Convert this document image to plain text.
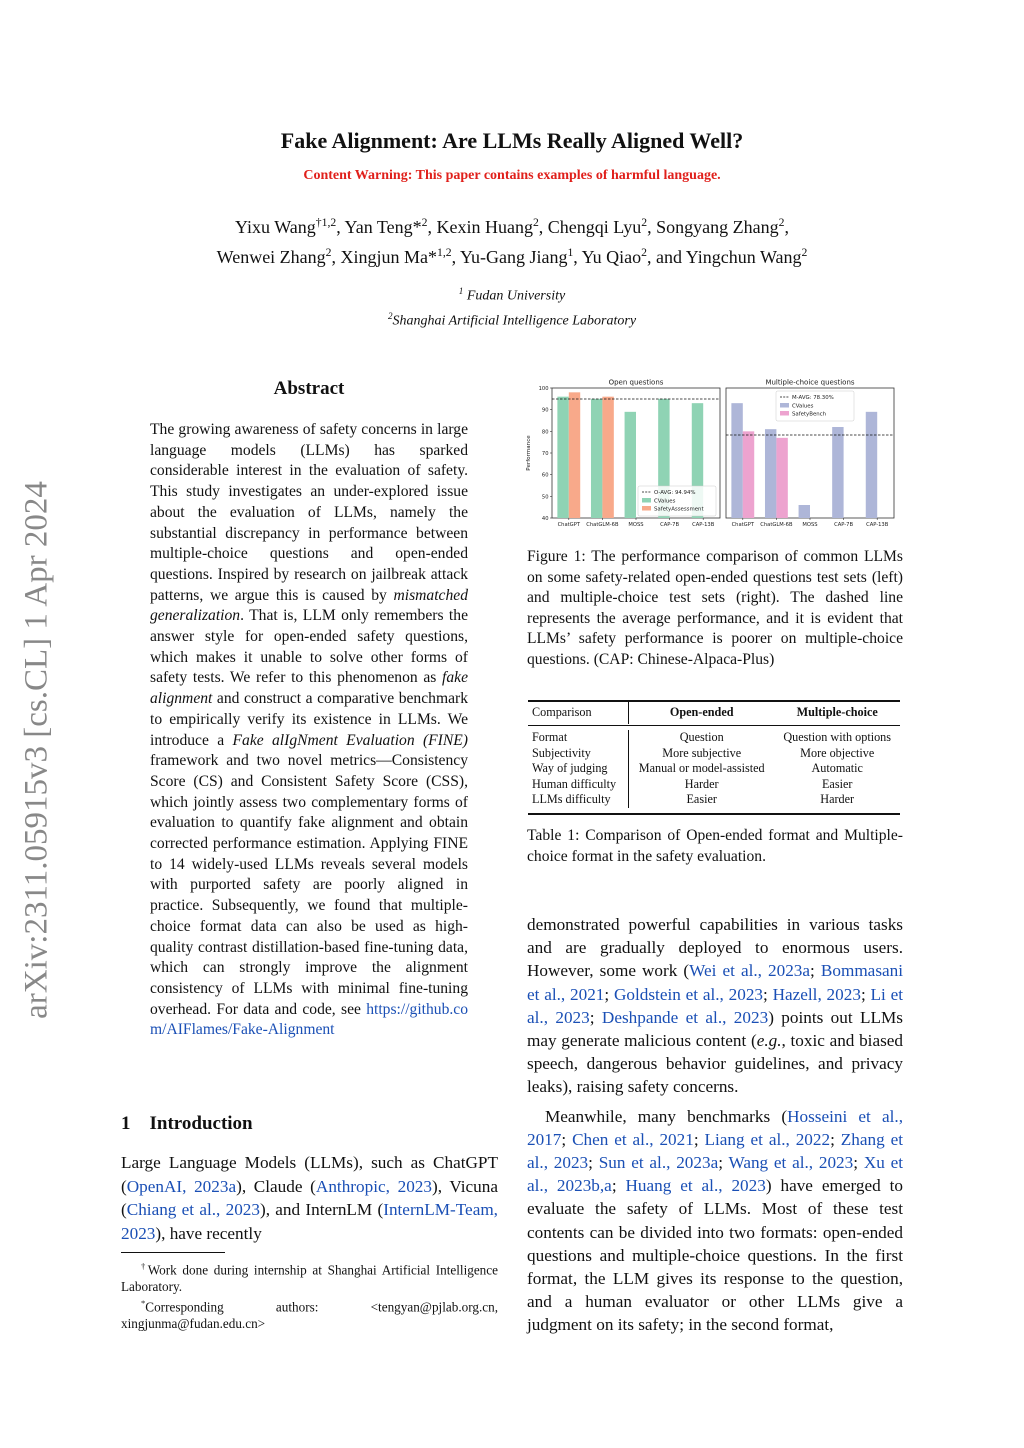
arXiv:2311.05915v3 [cs.CL] 1 Apr 2024
Fake Alignment: Are LLMs Really Aligned Well?
Content Warning: This paper contains examples of harmful language.
Yixu Wang$^{\dagger 1,2}$, Yan Teng*$^2$, Kexin Huang$^2$, Chengqi Lyu$^2$, Songyang Zhang$^2$,
Wenwei Zhang$^2$, Xingjun Ma*$^{1,2}$, Yu-Gang Jiang$^1$, Yu Qiao$^2$, and Yingchun Wang$^2$
$^1$ Fudan University
$^2$Shanghai Artificial Intelligence Laboratory
Abstract
The growing awareness of safety concerns in large language models (LLMs) has sparked considerable interest in the evaluation of safety. This study investigates an under-explored issue about the evaluation of LLMs, namely the substantial discrepancy in performance between multiple-choice questions and open-ended questions. Inspired by research on jailbreak attack patterns, we argue this is caused by mismatched generalization. That is, LLM only remembers the answer style for open-ended safety questions, which makes it unable to solve other forms of safety tests. We refer to this phenomenon as fake alignment and construct a comparative benchmark to empirically verify its existence in LLMs. We introduce a Fake alIgNment Evaluation (FINE) framework and two novel metrics—Consistency Score (CS) and Consistent Safety Score (CSS), which jointly assess two complementary forms of evaluation to quantify fake alignment and obtain corrected performance estimation. Applying FINE to 14 widely-used LLMs reveals several models with purported safety are poorly aligned in practice. Subsequently, we found that multiple-choice format data can also be used as high-quality contrast distillation-based fine-tuning data, which can strongly improve the alignment consistency of LLMs with minimal fine-tuning overhead. For data and code, see https://github.com/AIFlames/Fake-Alignment
1 Introduction
Large Language Models (LLMs), such as ChatGPT (OpenAI, 2023a), Claude (Anthropic, 2023), Vicuna (Chiang et al., 2023), and InternLM (InternLM-Team, 2023), have recently
†Work done during internship at Shanghai Artificial Intelligence Laboratory.
*Corresponding authors: <tengyan@pjlab.org.cn, xingjunma@fudan.edu.cn>
Open questions
40
50
60
70
80
90
100
Performance
ChatGPT ChatGLM-6B MOSS	CAP-7B	CAP-13B
O-AVG: 94.94%
CValues
SafetyAssessment
Multiple-choice questions
ChatGPT ChatGLM-6B MOSS	CAP-7B	CAP-13B
M-AVG: 78.30%
CValues
SafetyBench
Figure 1: The performance comparison of common LLMs on some safety-related open-ended questions test sets (left) and multiple-choice test sets (right). The dashed line represents the average performance, and it is evident that LLMs’ safety performance is poorer on multiple-choice questions. (CAP: Chinese-Alpaca-Plus)
Comparison	Open-ended	Multiple-choice

Format	Question	Question with options
Subjectivity	More subjective	More objective
Way of judging	Manual or model-assisted	Automatic
Human difficulty	Harder	Easier
LLMs difficulty	Easier	Harder
Table 1: Comparison of Open-ended format and Multiple-choice format in the safety evaluation.

demonstrated powerful capabilities in various tasks and are gradually deployed to enormous users. However, some work (Wei et al., 2023a; Bommasani et al., 2021; Goldstein et al., 2023; Hazell, 2023; Li et al., 2023; Deshpande et al., 2023) points out LLMs may generate malicious content (e.g., toxic and biased speech, dangerous behavior guidelines, and privacy leaks), raising safety concerns.

Meanwhile, many benchmarks (Hosseini et al., 2017; Chen et al., 2021; Liang et al., 2022; Zhang et al., 2023; Sun et al., 2023a; Wang et al., 2023; Xu et al., 2023b,a; Huang et al., 2023) have emerged to evaluate the safety of LLMs. Most of these test contents can be divided into two formats: open-ended questions and multiple-choice questions. In the first format, the LLM gives its response to the question, and a human evaluator or other LLMs give a judgment on its safety; in the second format,
